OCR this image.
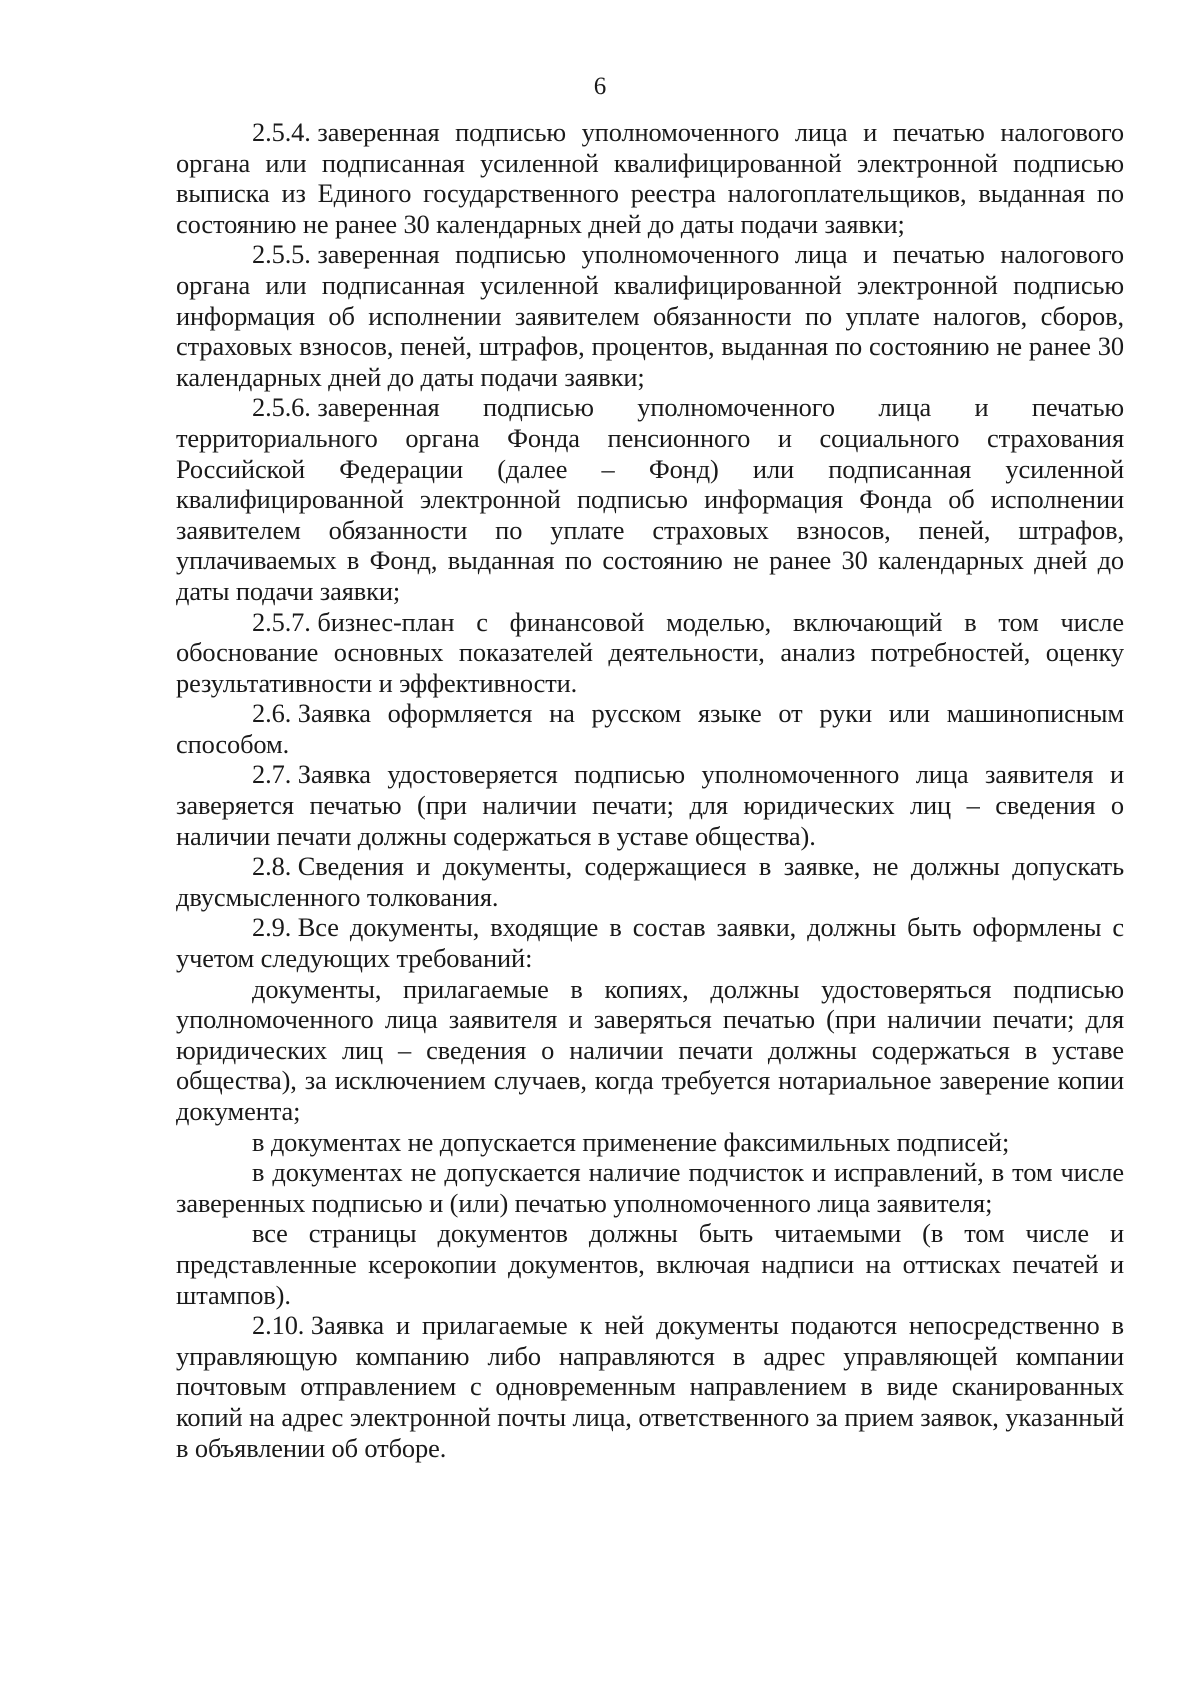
6

2.5.4. заверенная подписью уполномоченного лица и печатью налогового органа или подписанная усиленной квалифицированной электронной подписью выписка из Единого государственного реестра налогоплательщиков, выданная по состоянию не ранее 30 календарных дней до даты подачи заявки;

2.5.5. заверенная подписью уполномоченного лица и печатью налогового органа или подписанная усиленной квалифицированной электронной подписью информация об исполнении заявителем обязанности по уплате налогов, сборов, страховых взносов, пеней, штрафов, процентов, выданная по состоянию не ранее 30 календарных дней до даты подачи заявки;

2.5.6. заверенная подписью уполномоченного лица и печатью территориального органа Фонда пенсионного и социального страхования Российской Федерации (далее – Фонд) или подписанная усиленной квалифицированной электронной подписью информация Фонда об исполнении заявителем обязанности по уплате страховых взносов, пеней, штрафов, уплачиваемых в Фонд, выданная по состоянию не ранее 30 календарных дней до даты подачи заявки;

2.5.7. бизнес-план с финансовой моделью, включающий в том числе обоснование основных показателей деятельности, анализ потребностей, оценку результативности и эффективности.

2.6. Заявка оформляется на русском языке от руки или машинописным способом.

2.7. Заявка удостоверяется подписью уполномоченного лица заявителя и заверяется печатью (при наличии печати; для юридических лиц – сведения о наличии печати должны содержаться в уставе общества).

2.8. Сведения и документы, содержащиеся в заявке, не должны допускать двусмысленного толкования.

2.9. Все документы, входящие в состав заявки, должны быть оформлены с учетом следующих требований:

документы, прилагаемые в копиях, должны удостоверяться подписью уполномоченного лица заявителя и заверяться печатью (при наличии печати; для юридических лиц – сведения о наличии печати должны содержаться в уставе общества), за исключением случаев, когда требуется нотариальное заверение копии документа;

в документах не допускается применение факсимильных подписей;

в документах не допускается наличие подчисток и исправлений, в том числе заверенных подписью и (или) печатью уполномоченного лица заявителя;

все страницы документов должны быть читаемыми (в том числе и представленные ксерокопии документов, включая надписи на оттисках печатей и штампов).

2.10. Заявка и прилагаемые к ней документы подаются непосредственно в управляющую компанию либо направляются в адрес управляющей компании почтовым отправлением с одновременным направлением в виде сканированных копий на адрес электронной почты лица, ответственного за прием заявок, указанный в объявлении об отборе.
